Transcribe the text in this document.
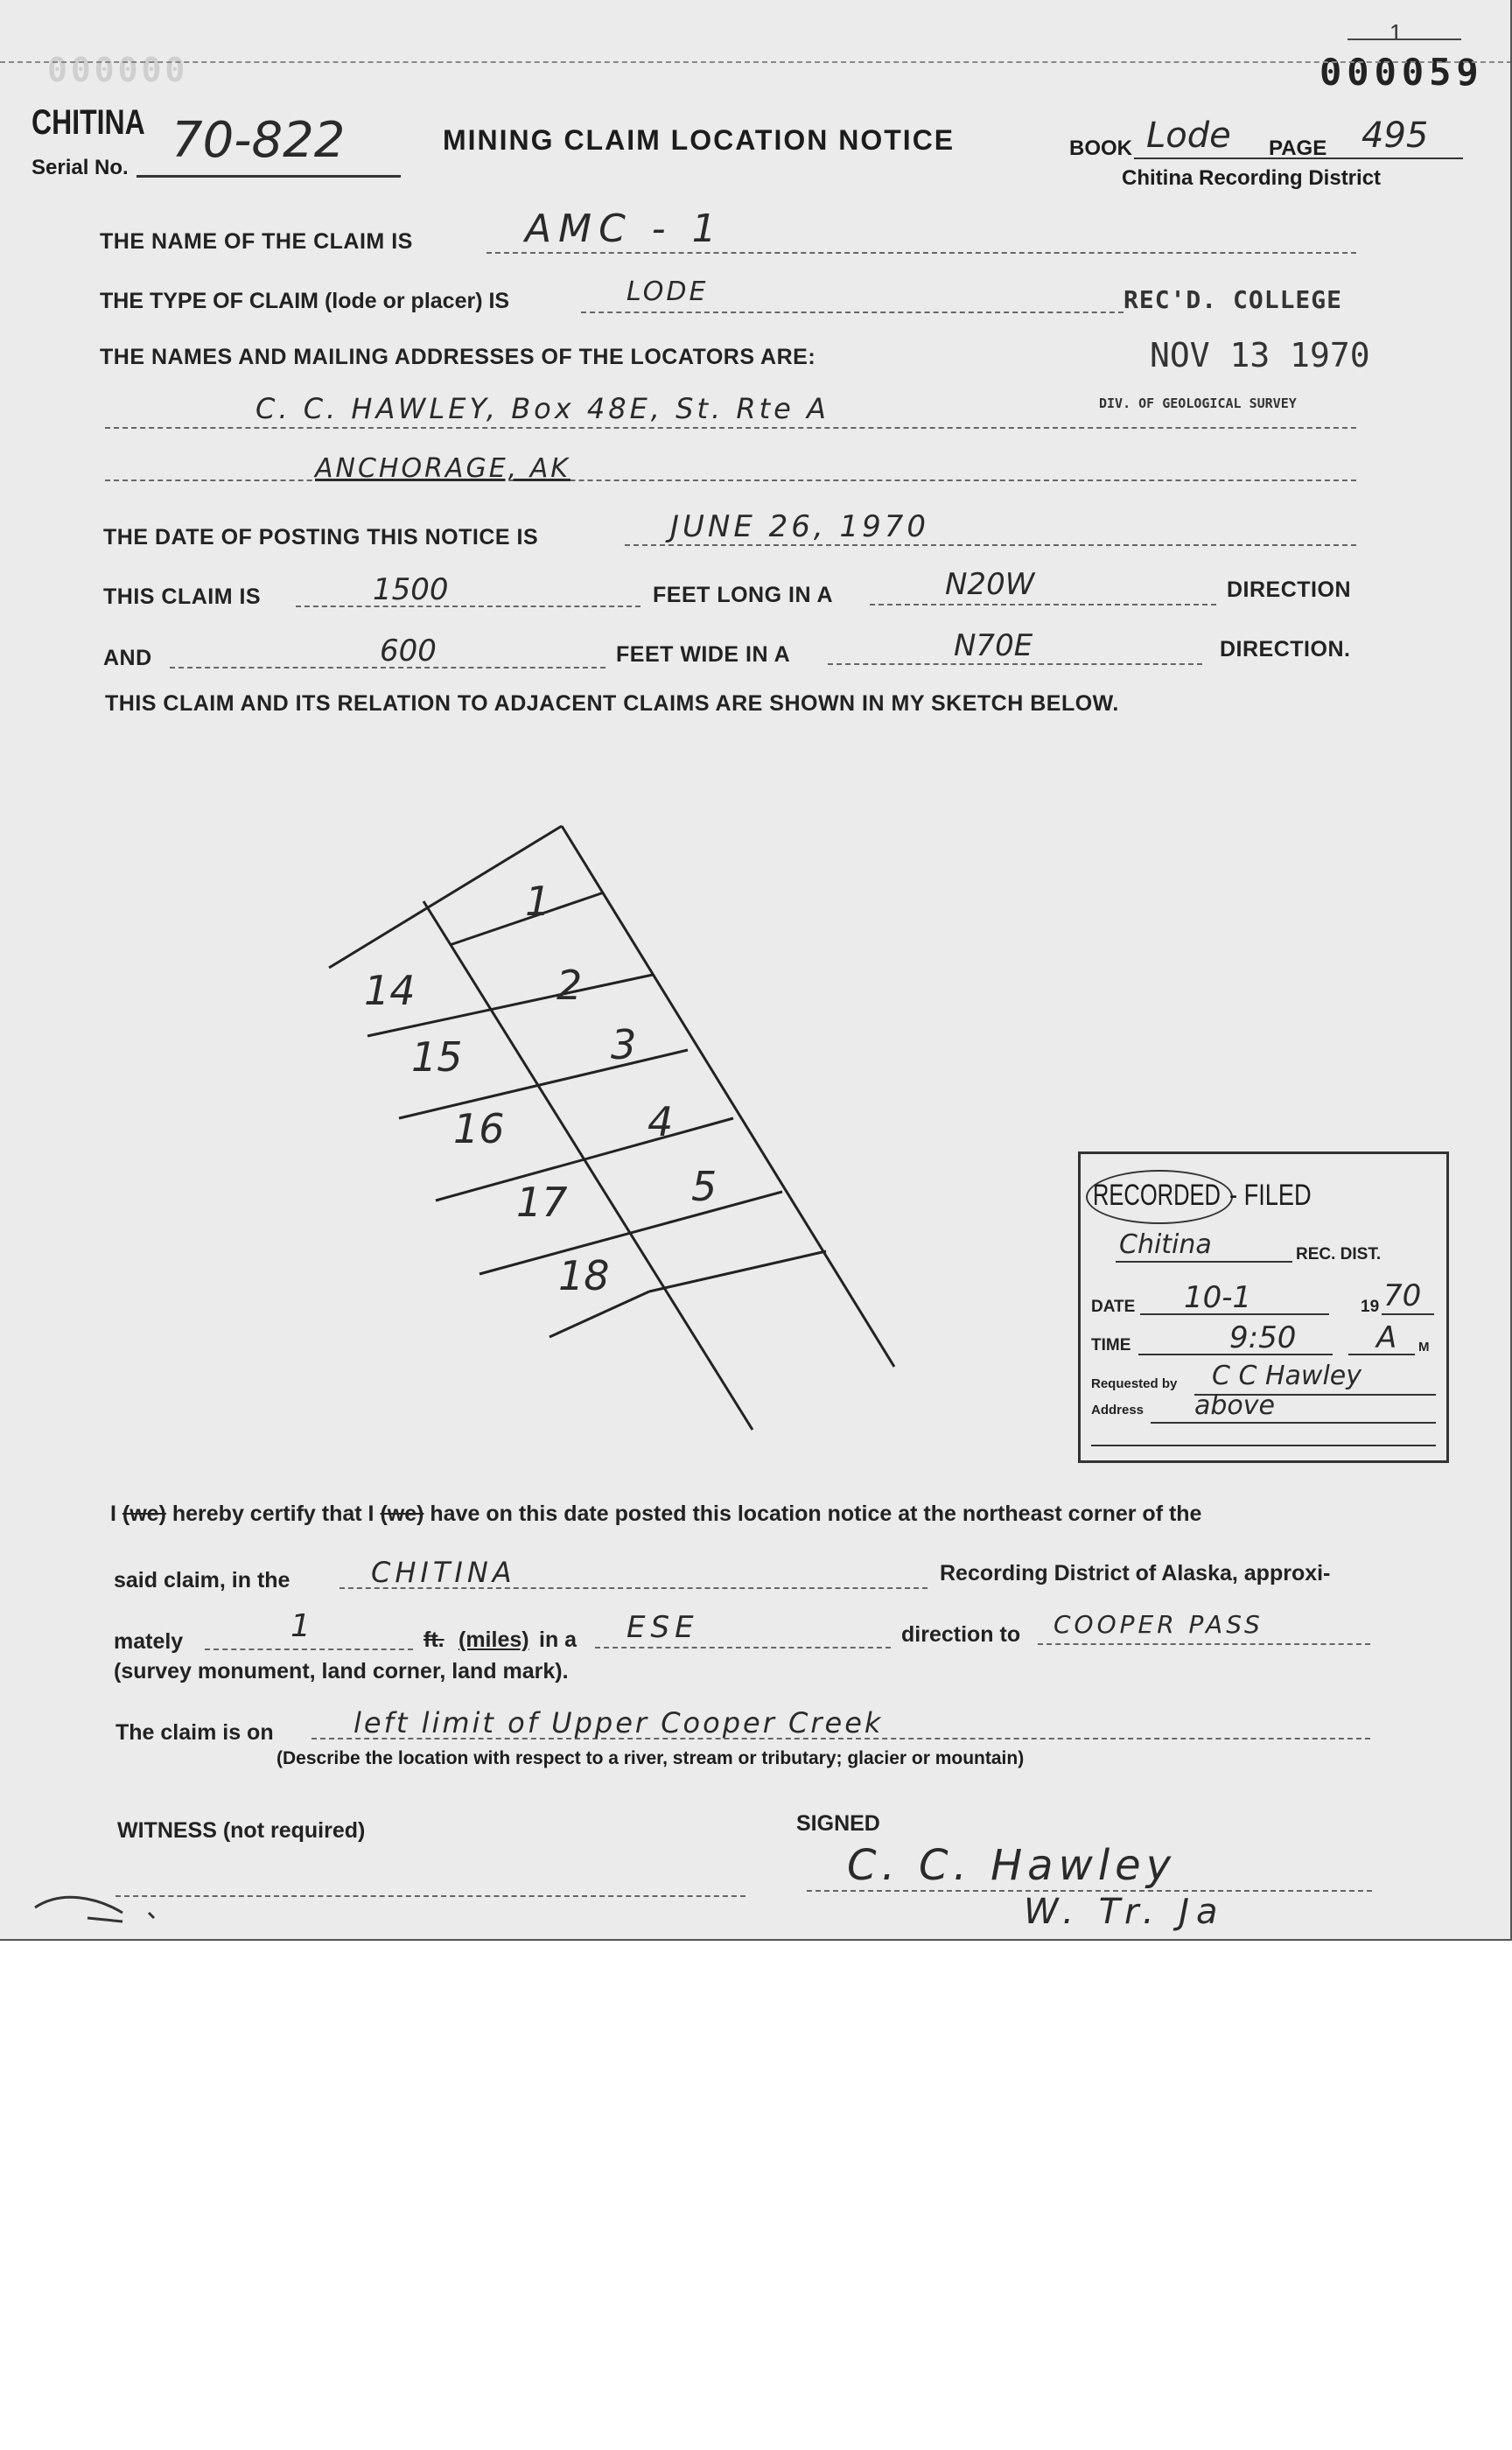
000000	000059
1
CHITINA
Serial No. 70-822	MINING CLAIM LOCATION NOTICE	BOOK Lode PAGE 495
Chitina Recording District
REC'D. COLLEGE
NOV 13 1970
DIV. OF GEOLOGICAL SURVEY
THE NAME OF THE CLAIM IS	AMC - 1
THE TYPE OF CLAIM (lode or placer) IS	LODE
THE NAMES AND MAILING ADDRESSES OF THE LOCATORS ARE:
C. C. HAWLEY, Box 48E, St. Rte A
ANCHORAGE, AK
THE DATE OF POSTING THIS NOTICE IS	JUNE 26, 1970
THIS CLAIM IS	1500	FEET LONG IN A	N20W	DIRECTION
AND	600	FEET WIDE IN A	N70E	DIRECTION.
THIS CLAIM AND ITS RELATION TO ADJACENT CLAIMS ARE SHOWN IN MY SKETCH BELOW.
1
2
3
4
5
14
15
16
17
18
RECORDED - FILED
Chitina	REC. DIST.
DATE 10-1	19 70
TIME	9:50	A M
Requested by C C Hawley
Address above
I (we) hereby certify that I (we) have on this date posted this location notice at the northeast corner of the
said claim, in the	CHITINA	Recording District of Alaska, approxi-
mately	1	ft. (miles) in a ESE	direction to COOPER PASS
(survey monument, land corner, land mark).
The claim is on	left limit of Upper Cooper Creek
(Describe the location with respect to a river, stream or tributary; glacier or mountain)
WITNESS (not required)	SIGNED
C. C. Hawley
W. Tr. Ja
